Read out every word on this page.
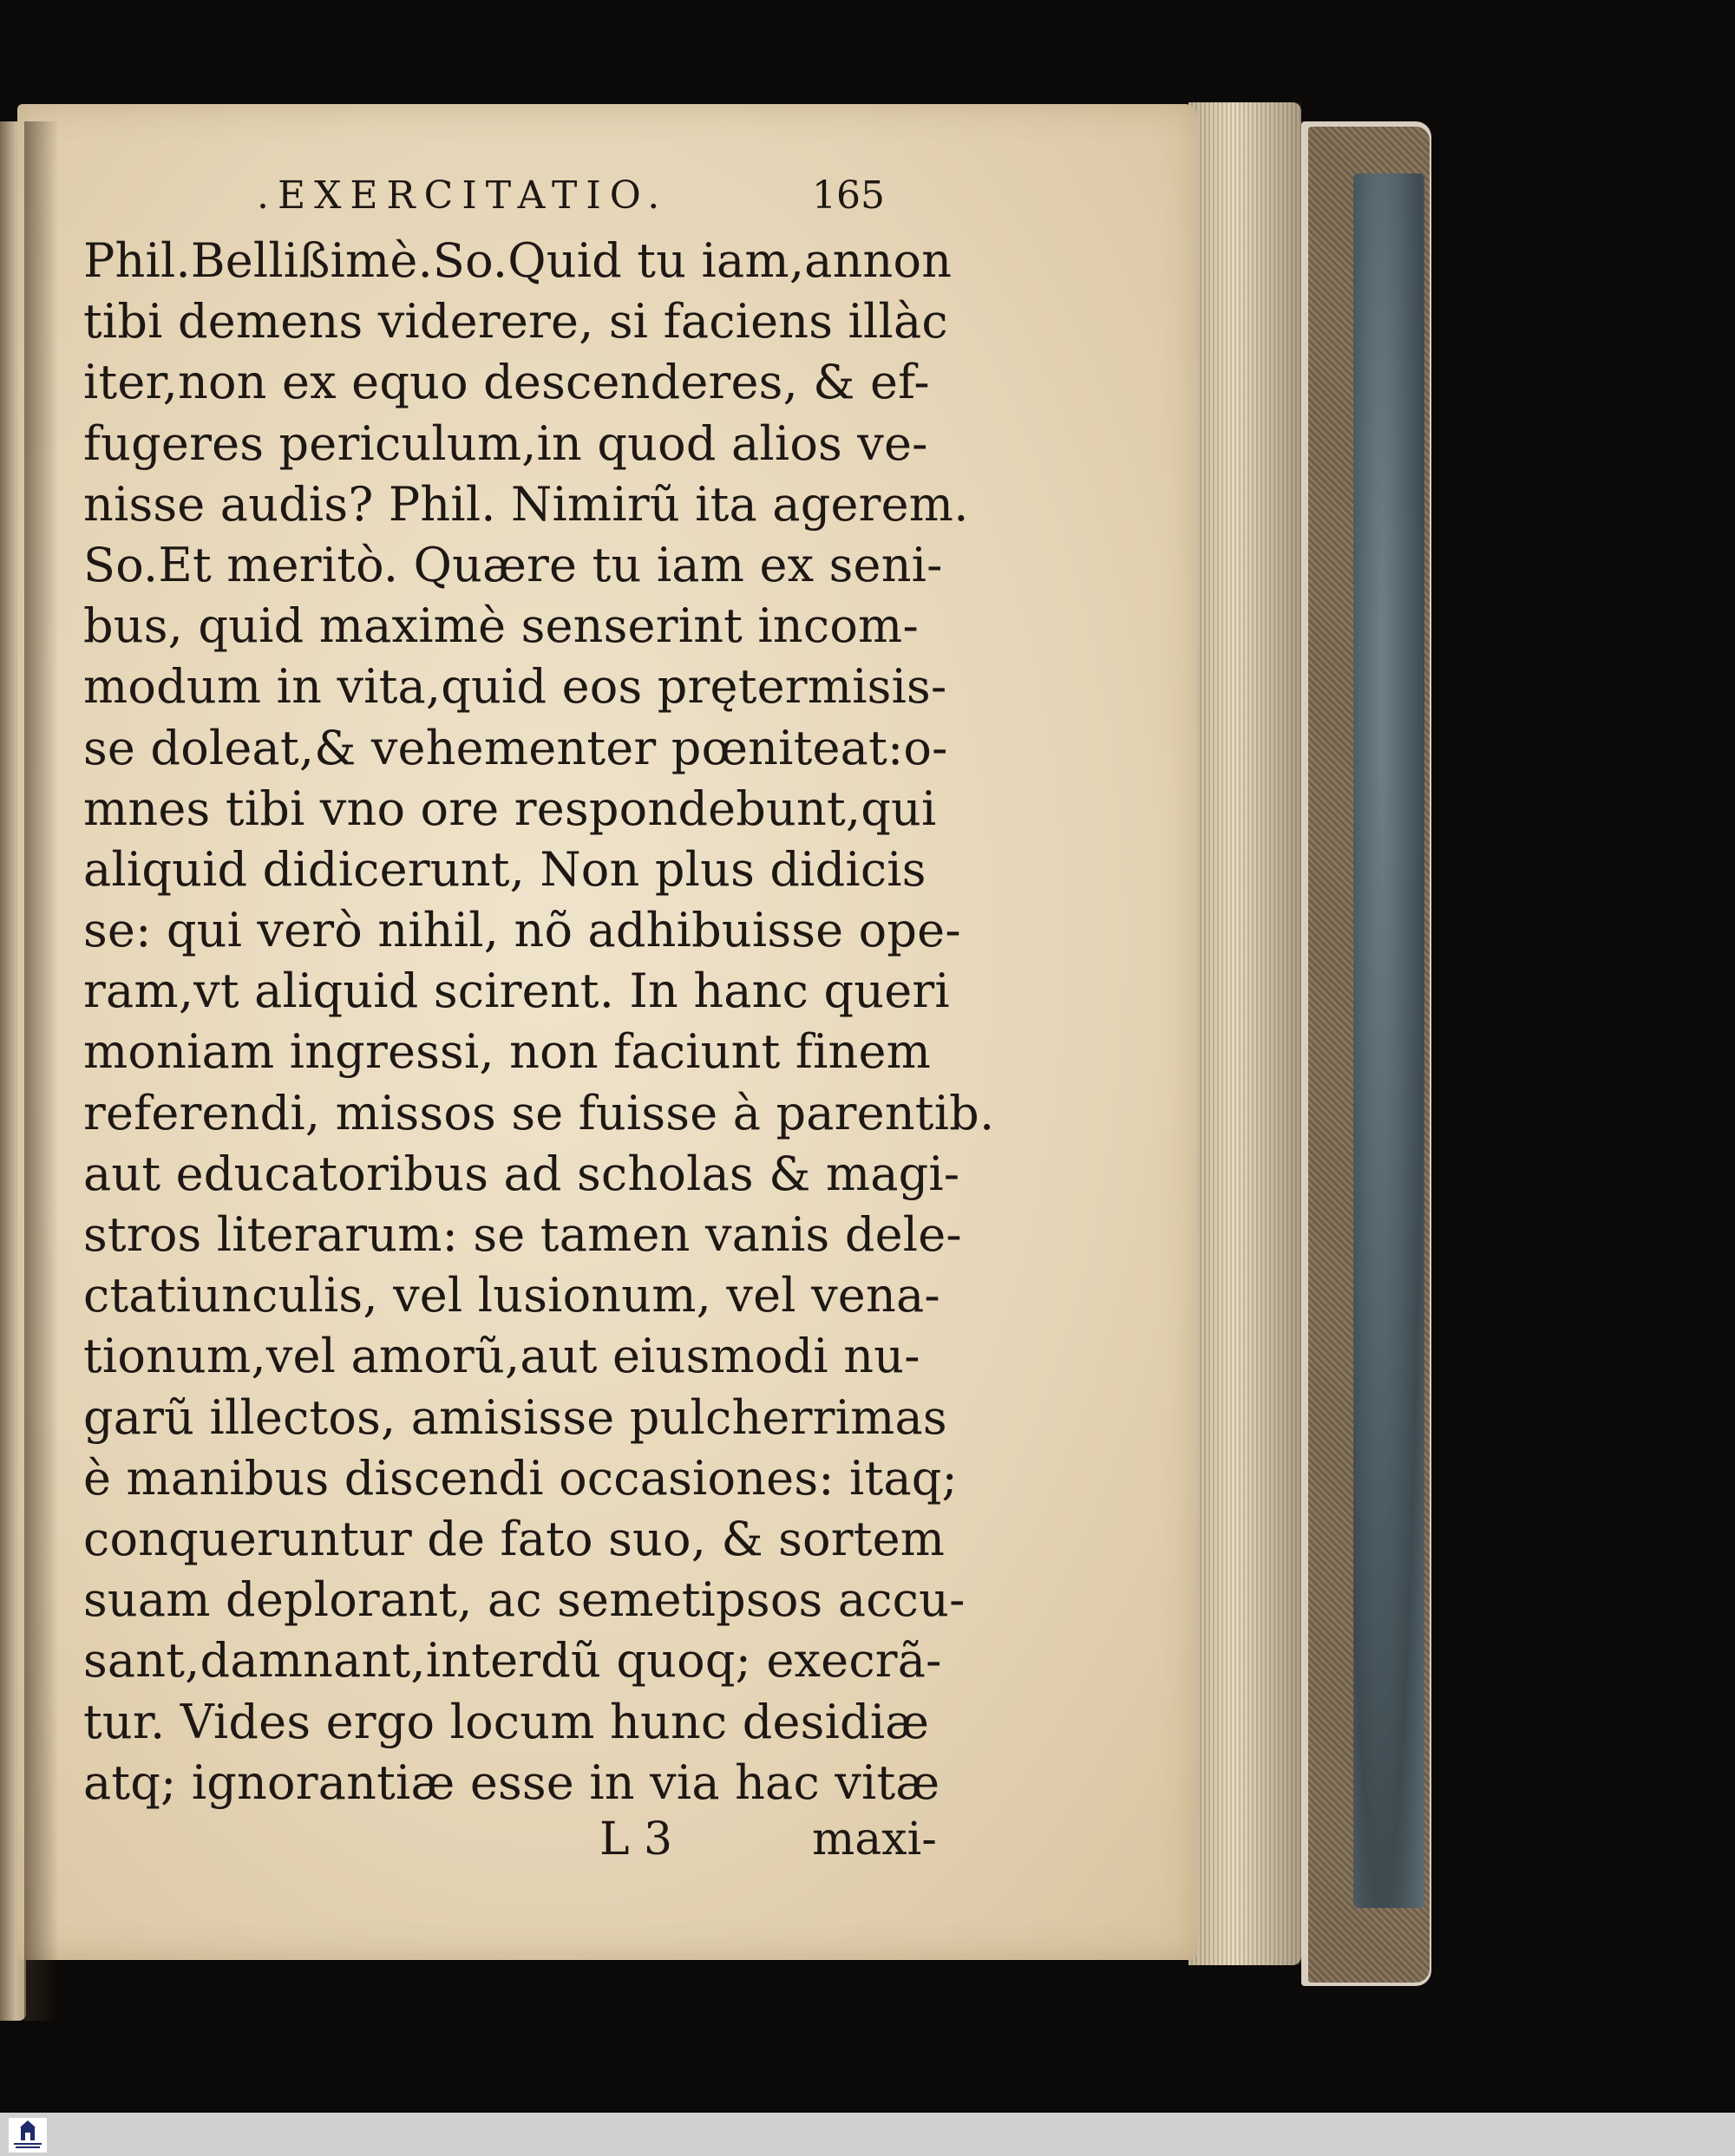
.EXERCITATIO.	165
Phil.Bellißimè.So.Quid tu iam,annon
tibi demens viderere, si faciens illàc
iter,non ex equo descenderes, & ef-
fugeres periculum,in quod alios ve-
nisse audis? Phil. Nimirũ ita agerem.
So.Et meritò. Quære tu iam ex seni-
bus, quid maximè senserint incom-
modum in vita,quid eos prętermisis-
se doleat,& vehementer pœniteat:o-
mnes tibi vno ore respondebunt,qui
aliquid didicerunt, Non plus didicis
se: qui verò nihil, nõ adhibuisse ope-
ram,vt aliquid scirent. In hanc queri
moniam ingressi, non faciunt finem
referendi, missos se fuisse à parentib.
aut educatoribus ad scholas & magi-
stros literarum: se tamen vanis dele-
ctatiunculis, vel lusionum, vel vena-
tionum,vel amorũ,aut eiusmodi nu-
garũ illectos, amisisse pulcherrimas
è manibus discendi occasiones: itaq;
conqueruntur de fato suo, & sortem
suam deplorant, ac semetipsos accu-
sant,damnant,interdũ quoq; execrã-
tur. Vides ergo locum hunc desidiæ
atq; ignorantiæ esse in via hac vitæ
L 3	maxi-
